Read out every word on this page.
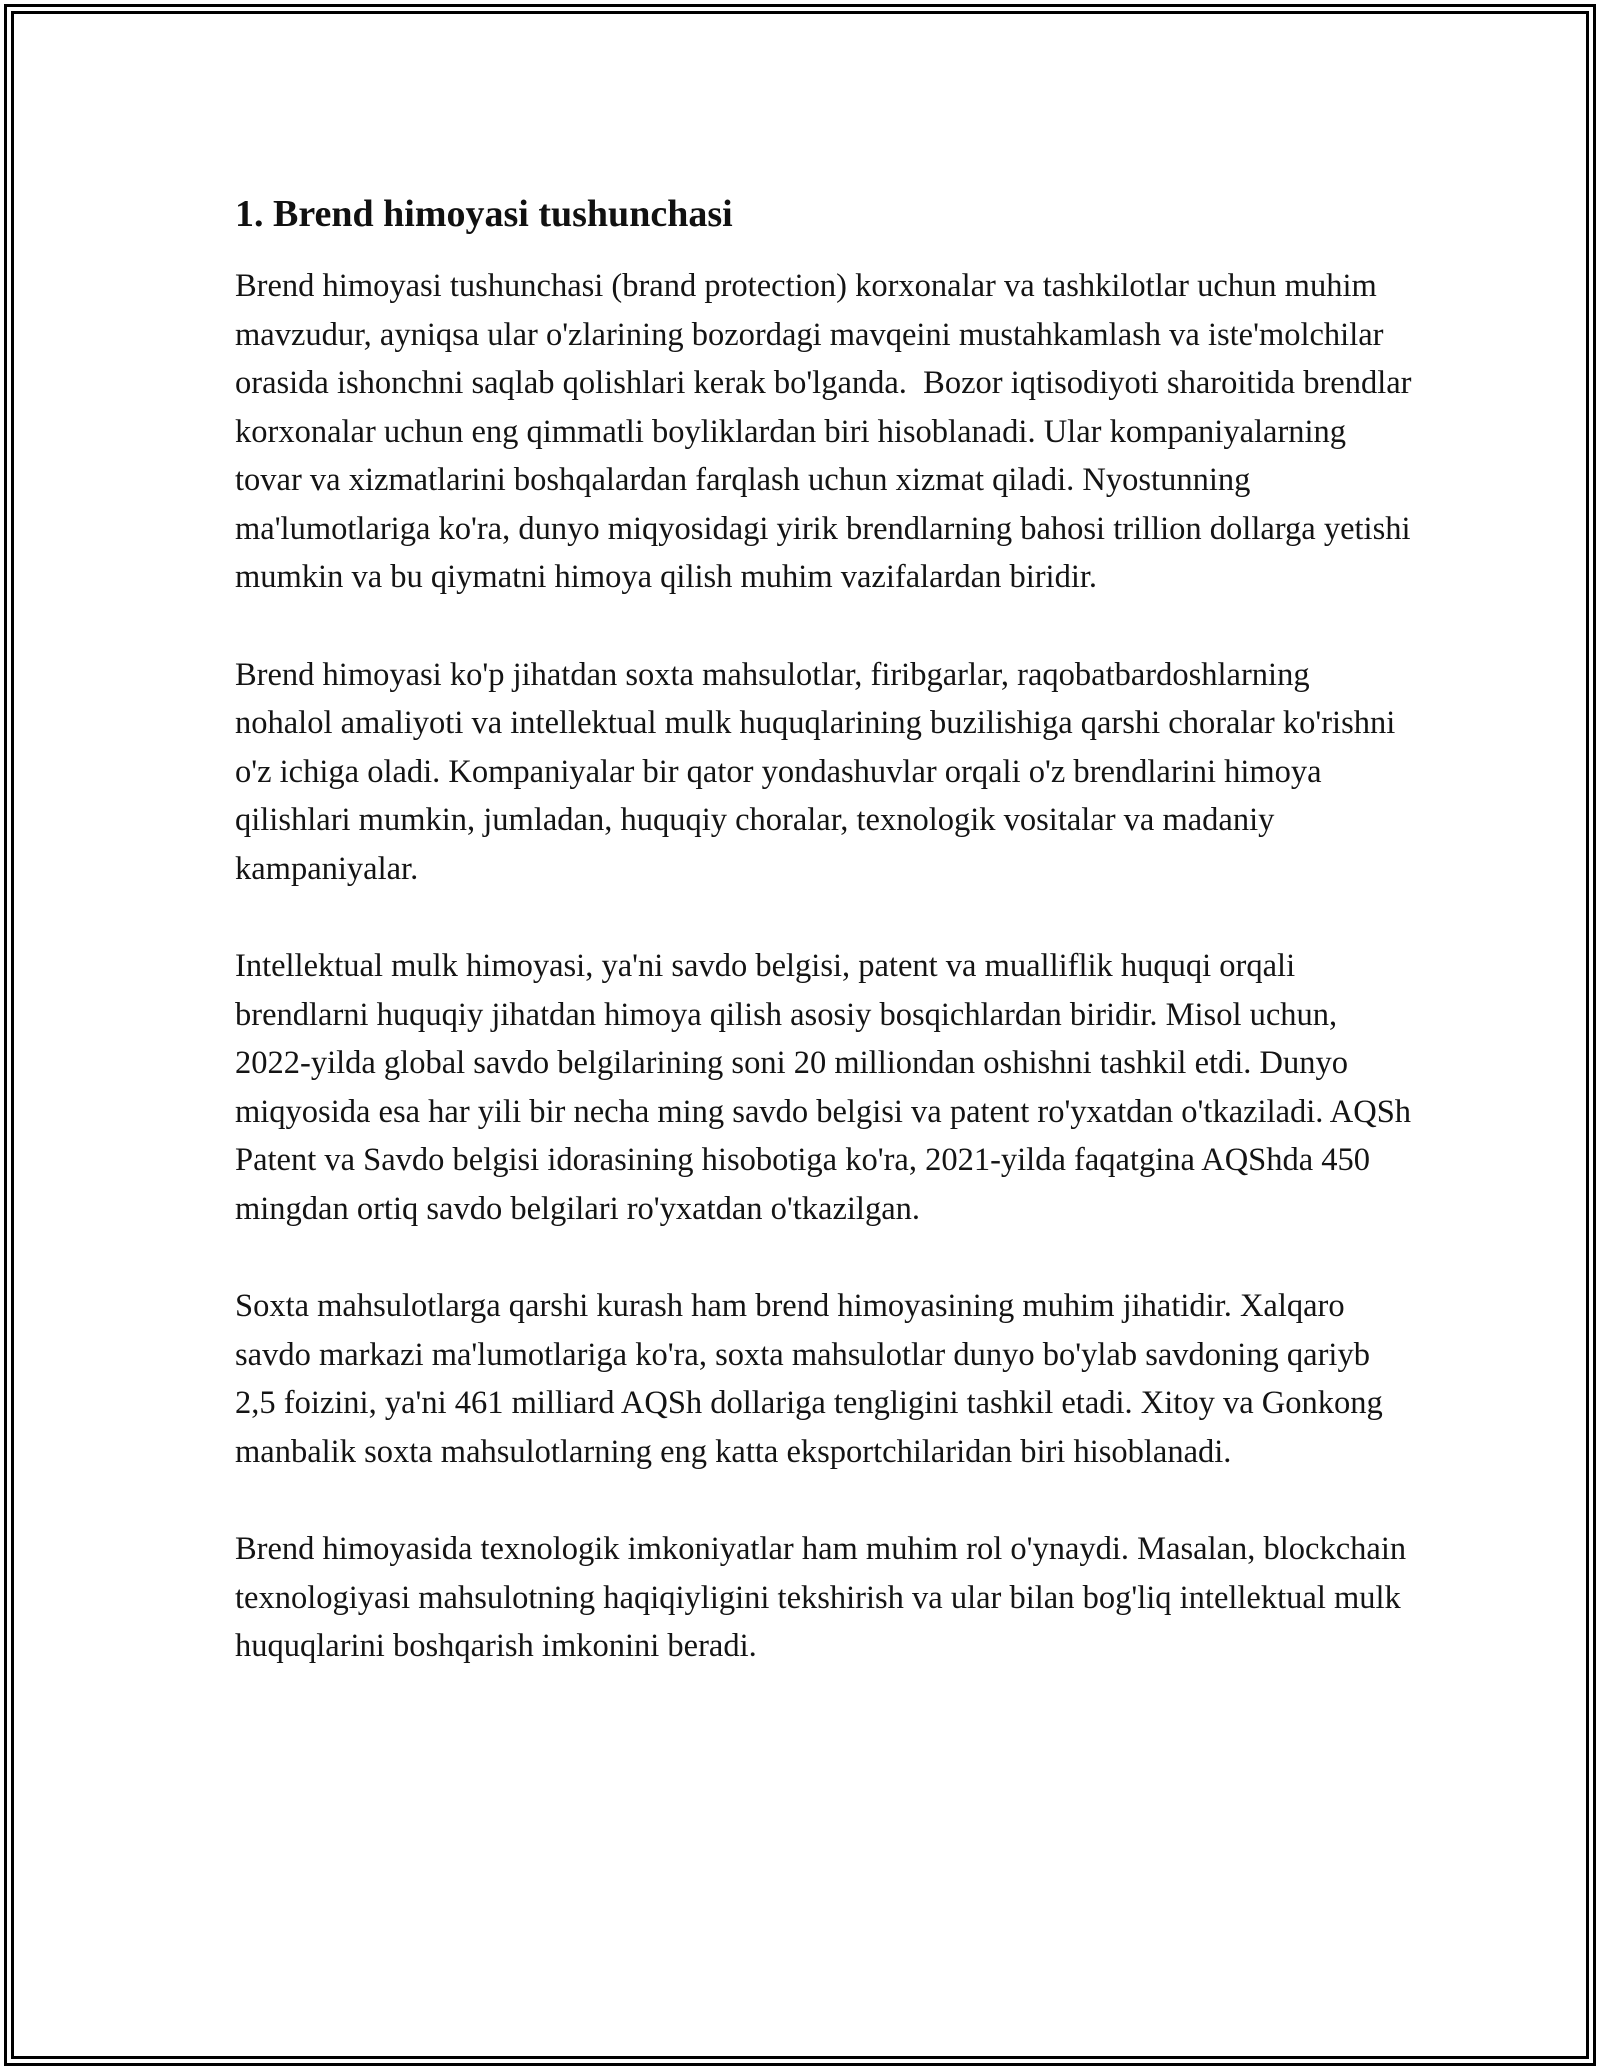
1. Brend himoyasi tushunchasi

Brend himoyasi tushunchasi (brand protection) korxonalar va tashkilotlar uchun muhim mavzudur, ayniqsa ular o'zlarining bozordagi mavqeini mustahkamlash va iste'molchilar orasida ishonchni saqlab qolishlari kerak bo'lganda.  Bozor iqtisodiyoti sharoitida brendlar korxonalar uchun eng qimmatli boyliklardan biri hisoblanadi. Ular kompaniyalarning tovar va xizmatlarini boshqalardan farqlash uchun xizmat qiladi. Nyostunning ma'lumotlariga ko'ra, dunyo miqyosidagi yirik brendlarning bahosi trillion dollarga yetishi mumkin va bu qiymatni himoya qilish muhim vazifalardan biridir.

Brend himoyasi ko'p jihatdan soxta mahsulotlar, firibgarlar, raqobatbardoshlarning nohalol amaliyoti va intellektual mulk huquqlarining buzilishiga qarshi choralar ko'rishni o'z ichiga oladi. Kompaniyalar bir qator yondashuvlar orqali o'z brendlarini himoya qilishlari mumkin, jumladan, huquqiy choralar, texnologik vositalar va madaniy kampaniyalar.

Intellektual mulk himoyasi, ya'ni savdo belgisi, patent va mualliflik huquqi orqali brendlarni huquqiy jihatdan himoya qilish asosiy bosqichlardan biridir. Misol uchun, 2022-yilda global savdo belgilarining soni 20 milliondan oshishni tashkil etdi. Dunyo miqyosida esa har yili bir necha ming savdo belgisi va patent ro'yxatdan o'tkaziladi. AQSh Patent va Savdo belgisi idorasining hisobotiga ko'ra, 2021-yilda faqatgina AQShda 450 mingdan ortiq savdo belgilari ro'yxatdan o'tkazilgan.

Soxta mahsulotlarga qarshi kurash ham brend himoyasining muhim jihatidir. Xalqaro savdo markazi ma'lumotlariga ko'ra, soxta mahsulotlar dunyo bo'ylab savdoning qariyb 2,5 foizini, ya'ni 461 milliard AQSh dollariga tengligini tashkil etadi. Xitoy va Gonkong manbalik soxta mahsulotlarning eng katta eksportchilaridan biri hisoblanadi.

Brend himoyasida texnologik imkoniyatlar ham muhim rol o'ynaydi. Masalan, blockchain texnologiyasi mahsulotning haqiqiyligini tekshirish va ular bilan bog'liq intellektual mulk huquqlarini boshqarish imkonini beradi.
